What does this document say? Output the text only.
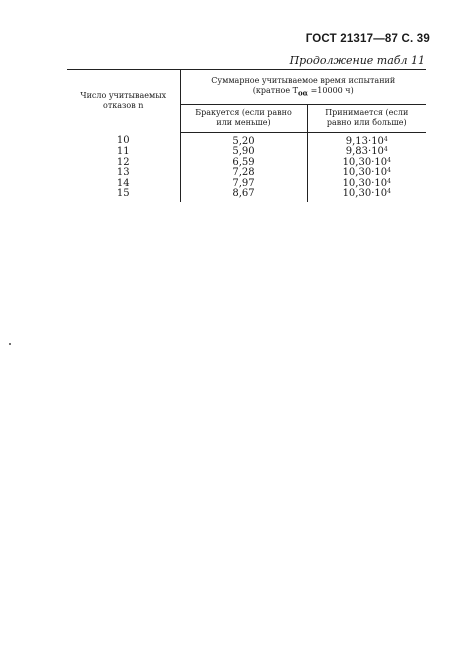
ГОСТ 21317—87 С. 39
Продолжение табл 11
Число учитываемых отказов n	Суммарное учитываемое время испытаний
(кратное $T_{о\alpha} =10000$ ч)	
	Бракуется (если равно или меньше)	Принимается (если равно или больше)
10	5,20	$9,13\cdot 10^4$
11	5,90	$9,83\cdot 10^4$
12	6,59	$10,30\cdot 10^4$
13	7,28	$10,30\cdot 10^4$
14	7,97	$10,30\cdot 10^4$
15	8,67	$10,30\cdot 10^4$
